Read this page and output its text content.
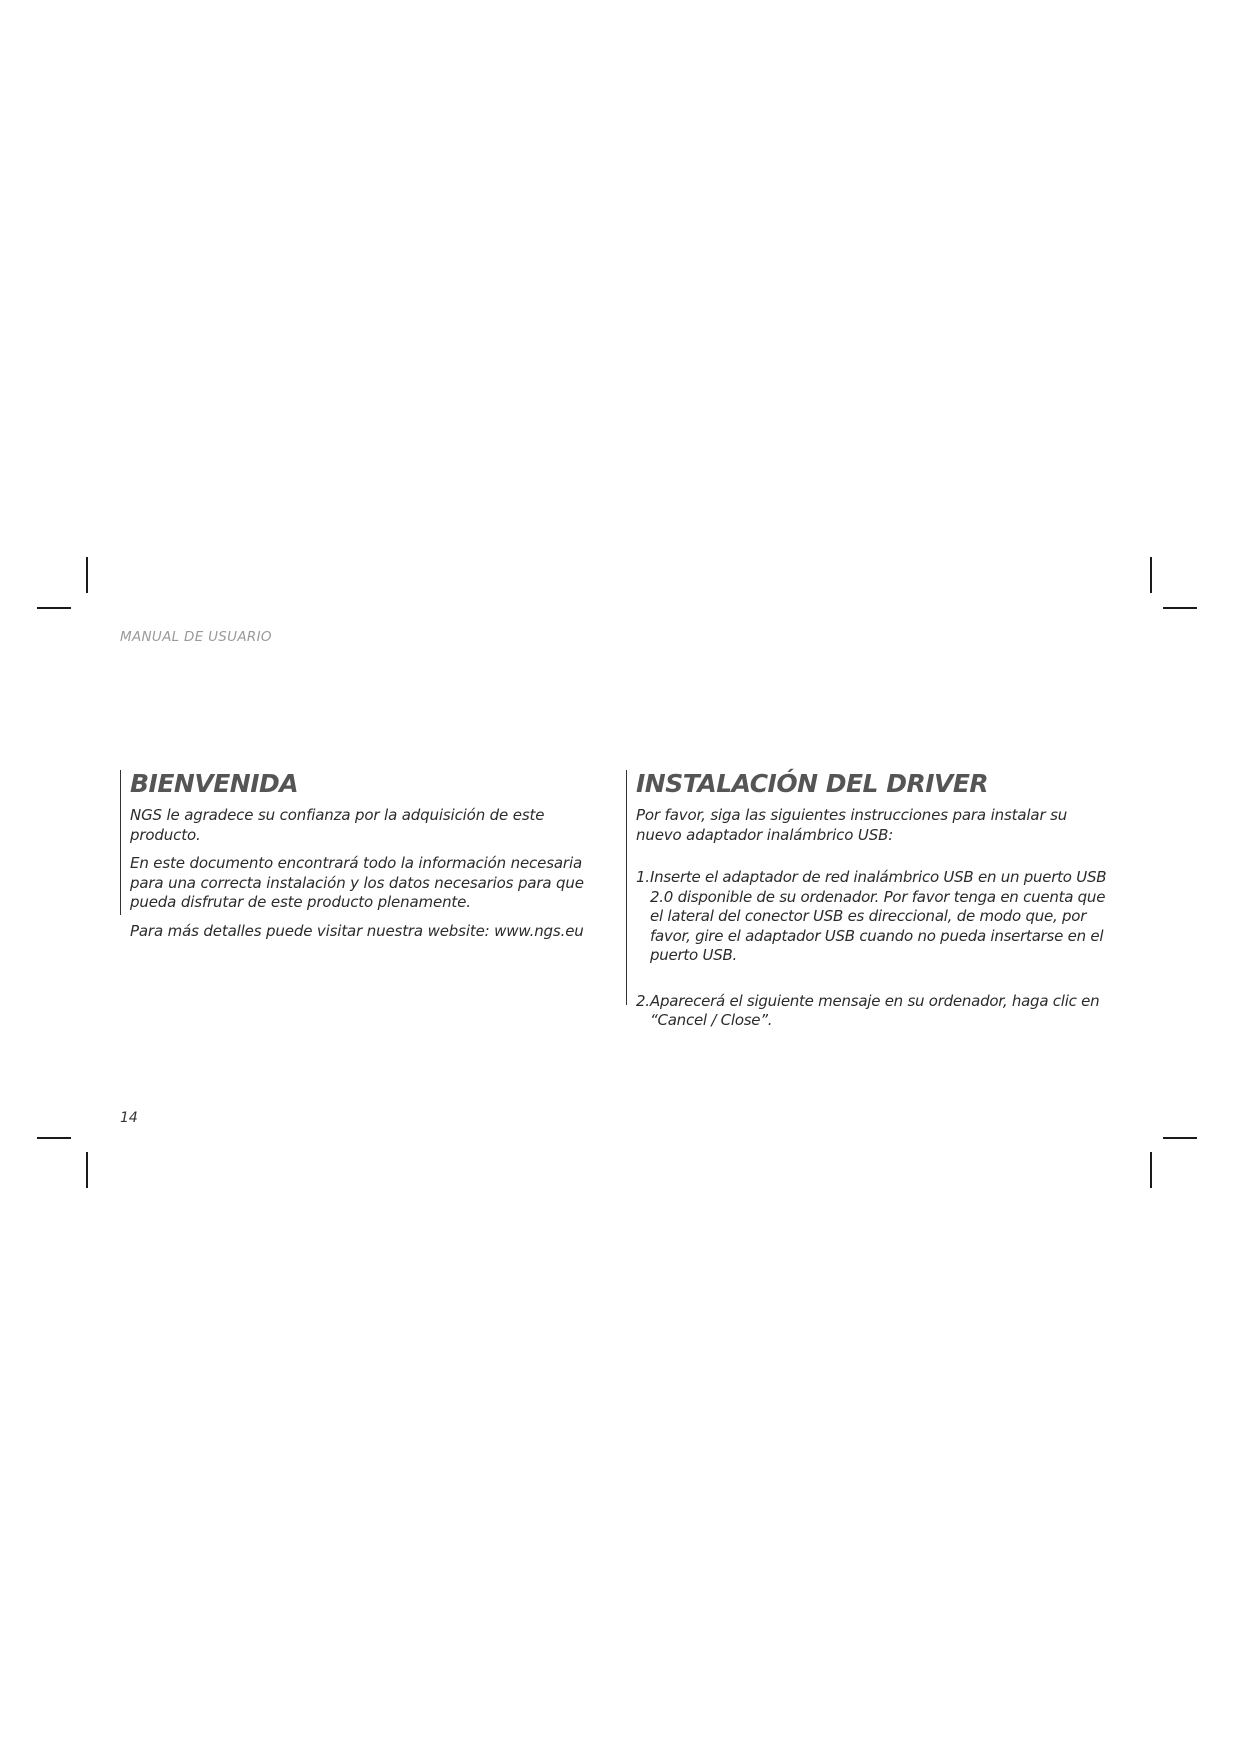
MANUAL DE USUARIO
BIENVENIDA

NGS le agradece su confianza por la adquisición de este producto.

En este documento encontrará todo la información necesaria para una correcta instalación y los datos necesarios para que pueda disfrutar de este producto plenamente.

Para más detalles puede visitar nuestra website: www.ngs.eu

INSTALACIÓN DEL DRIVER

Por favor, siga las siguientes instrucciones para instalar su nuevo adaptador inalámbrico USB:

1. Inserte el adaptador de red inalámbrico USB en un puerto USB 2.0 disponible de su ordenador. Por favor tenga en cuenta que el lateral del conector USB es direccional, de modo que, por favor, gire el adaptador USB cuando no pueda insertarse en el puerto USB.
2. Aparecerá el siguiente mensaje en su ordenador, haga clic en “Cancel / Close”.
14
